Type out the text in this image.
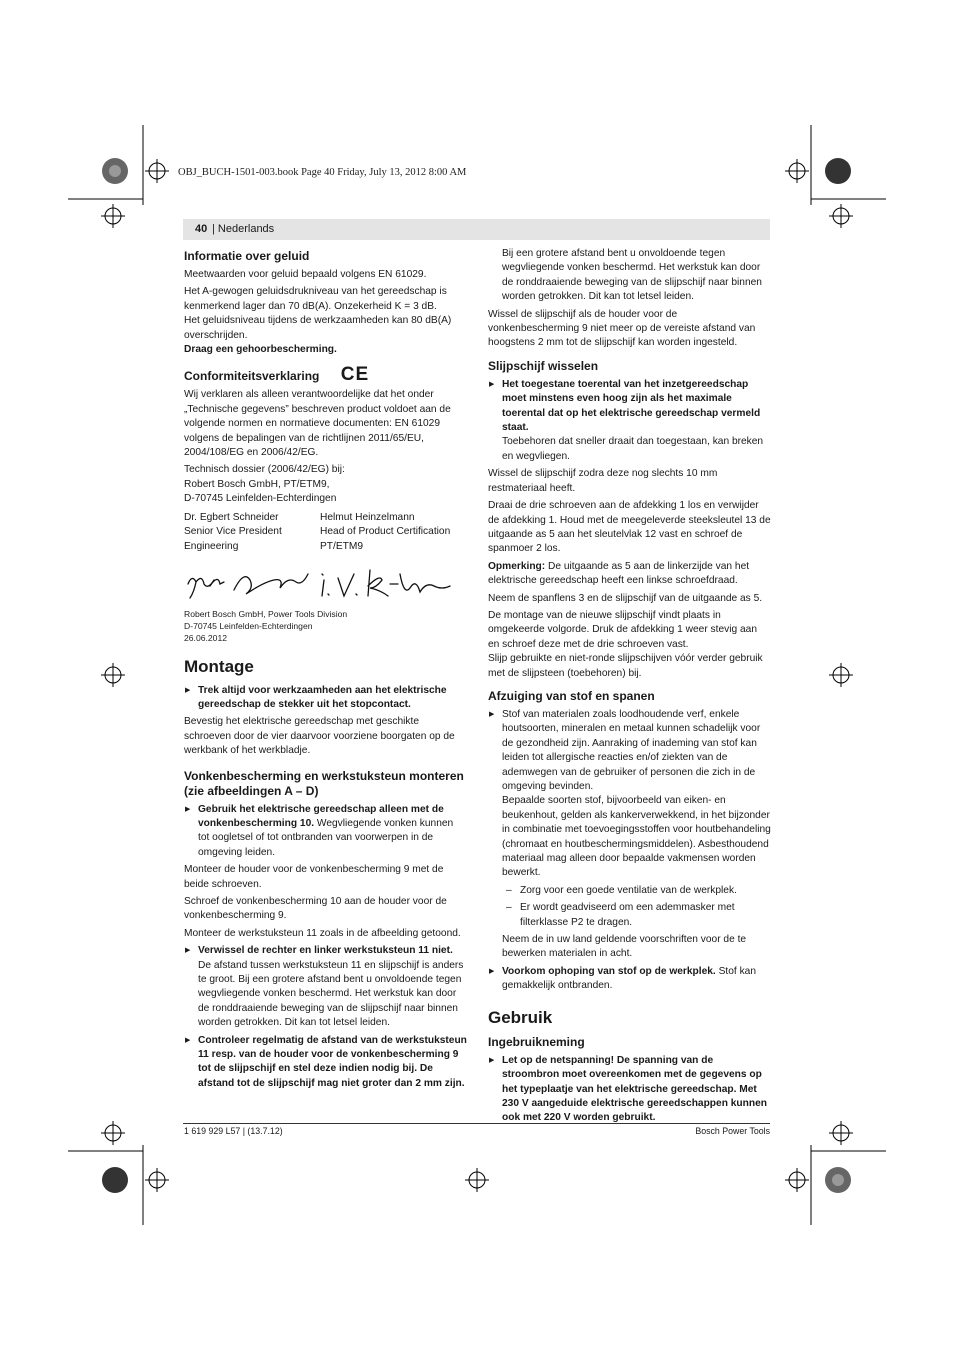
OBJ_BUCH-1501-003.book Page 40 Friday, July 13, 2012 8:00 AM
40 | Nederlands
Informatie over geluid

Meetwaarden voor geluid bepaald volgens EN 61029.

Het A-gewogen geluidsdrukniveau van het gereedschap is kenmerkend lager dan 70 dB(A). Onzekerheid K = 3 dB.

Het geluidsniveau tijdens de werkzaamheden kan 80 dB(A) overschrijden.

Draag een gehoorbescherming.

Conformiteitsverklaring CE

Wij verklaren als alleen verantwoordelijke dat het onder „Technische gegevens” beschreven product voldoet aan de volgende normen en normatieve documenten: EN 61029 volgens de bepalingen van de richtlijnen 2011/65/EU, 2004/108/EG en 2006/42/EG.

Technisch dossier (2006/42/EG) bij:
Robert Bosch GmbH, PT/ETM9,
D-70745 Leinfelden-Echterdingen

Dr. Egbert Schneider
Senior Vice President
Engineering
Helmut Heinzelmann
Head of Product Certification
PT/ETM9
Robert Bosch GmbH, Power Tools Division
D-70745 Leinfelden-Echterdingen
26.06.2012
Montage

▶ Trek altijd voor werkzaamheden aan het elektrische gereedschap de stekker uit het stopcontact.

Bevestig het elektrische gereedschap met geschikte schroeven door de vier daarvoor voorziene boorgaten op de werkbank of het werkbladje.

Vonkenbescherming en werkstuksteun monteren (zie afbeeldingen A – D)

▶ Gebruik het elektrische gereedschap alleen met de vonkenbescherming 10. Wegvliegende vonken kunnen tot oogletsel of tot ontbranden van voorwerpen in de omgeving leiden.

Monteer de houder voor de vonkenbescherming 9 met de beide schroeven.

Schroef de vonkenbescherming 10 aan de houder voor de vonkenbescherming 9.

Monteer de werkstuksteun 11 zoals in de afbeelding getoond.

▶ Verwissel de rechter en linker werkstuksteun 11 niet.
De afstand tussen werkstuksteun 11 en slijpschijf is anders te groot. Bij een grotere afstand bent u onvoldoende tegen wegvliegende vonken beschermd. Het werkstuk kan door de ronddraaiende beweging van de slijpschijf naar binnen worden getrokken. Dit kan tot letsel leiden.

▶ Controleer regelmatig de afstand van de werkstuksteun 11 resp. van de houder voor de vonkenbescherming 9 tot de slijpschijf en stel deze indien nodig bij. De afstand tot de slijpschijf mag niet groter dan 2 mm zijn.

Bij een grotere afstand bent u onvoldoende tegen wegvliegende vonken beschermd. Het werkstuk kan door de ronddraaiende beweging van de slijpschijf naar binnen worden getrokken. Dit kan tot letsel leiden.

Wissel de slijpschijf als de houder voor de vonkenbescherming 9 niet meer op de vereiste afstand van hoogstens 2 mm tot de slijpschijf kan worden ingesteld.

Slijpschijf wisselen

▶ Het toegestane toerental van het inzetgereedschap moet minstens even hoog zijn als het maximale toerental dat op het elektrische gereedschap vermeld staat.
Toebehoren dat sneller draait dan toegestaan, kan breken en wegvliegen.

Wissel de slijpschijf zodra deze nog slechts 10 mm restmateriaal heeft.

Draai de drie schroeven aan de afdekking 1 los en verwijder de afdekking 1. Houd met de meegeleverde steeksleutel 13 de uitgaande as 5 aan het sleutelvlak 12 vast en schroef de spanmoer 2 los.

Opmerking: De uitgaande as 5 aan de linkerzijde van het elektrische gereedschap heeft een linkse schroefdraad.

Neem de spanflens 3 en de slijpschijf van de uitgaande as 5.

De montage van de nieuwe slijpschijf vindt plaats in omgekeerde volgorde. Druk de afdekking 1 weer stevig aan en schroef deze met de drie schroeven vast.

Slijp gebruikte en niet-ronde slijpschijven vóór verder gebruik met de slijpsteen (toebehoren) bij.

Afzuiging van stof en spanen

▶ Stof van materialen zoals loodhoudende verf, enkele houtsoorten, mineralen en metaal kunnen schadelijk voor de gezondheid zijn. Aanraking of inademing van stof kan leiden tot allergische reacties en/of ziekten van de ademwegen van de gebruiker of personen die zich in de omgeving bevinden.

Bepaalde soorten stof, bijvoorbeeld van eiken- en beukenhout, gelden als kankerverwekkend, in het bijzonder in combinatie met toevoegingsstoffen voor houtbehandeling (chromaat en houtbeschermingsmiddelen). Asbesthoudend materiaal mag alleen door bepaalde vakmensen worden bewerkt.

– Zorg voor een goede ventilatie van de werkplek.

– Er wordt geadviseerd om een ademmasker met filterklasse P2 te dragen.

Neem de in uw land geldende voorschriften voor de te bewerken materialen in acht.

▶ Voorkom ophoping van stof op de werkplek. Stof kan gemakkelijk ontbranden.

Gebruik
Ingebruikneming

▶ Let op de netspanning! De spanning van de stroombron moet overeenkomen met de gegevens op het typeplaatje van het elektrische gereedschap. Met 230 V aangeduide elektrische gereedschappen kunnen ook met 220 V worden gebruikt.

1 619 929 L57 | (13.7.12)	Bosch Power Tools
